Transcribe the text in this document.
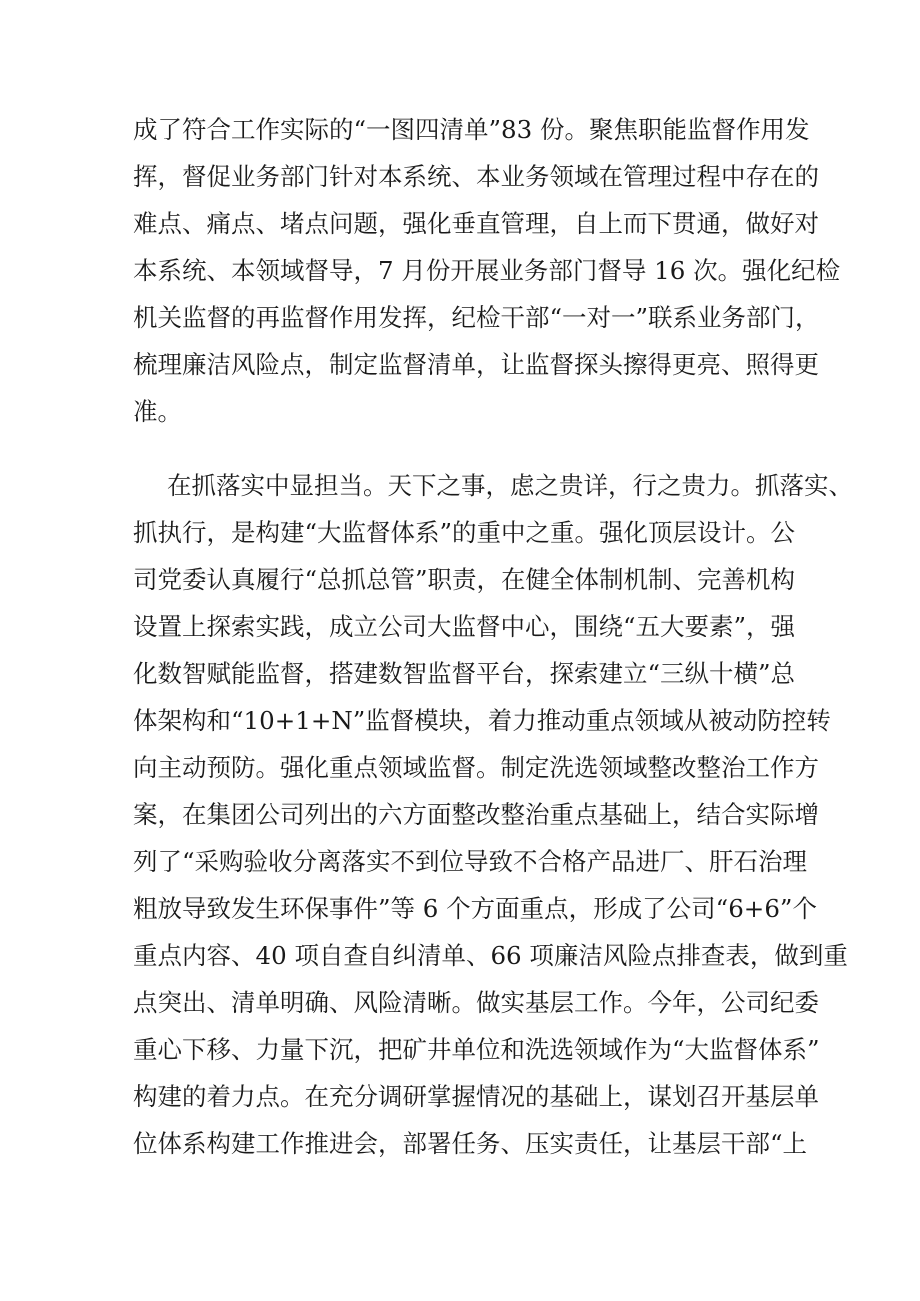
成了符合工作实际的“一图四清单”83 份。聚焦职能监督作用发
挥，督促业务部门针对本系统、本业务领域在管理过程中存在的
难点、痛点、堵点问题，强化垂直管理，自上而下贯通，做好对
本系统、本领域督导，7 月份开展业务部门督导 16 次。强化纪检
机关监督的再监督作用发挥，纪检干部“一对一”联系业务部门，
梳理廉洁风险点，制定监督清单，让监督探头擦得更亮、照得更
准。
在抓落实中显担当。天下之事，虑之贵详，行之贵力。抓落实、
抓执行，是构建“大监督体系”的重中之重。强化顶层设计。公
司党委认真履行“总抓总管”职责，在健全体制机制、完善机构
设置上探索实践，成立公司大监督中心，围绕“五大要素”，强
化数智赋能监督，搭建数智监督平台，探索建立“三纵十横”总
体架构和“10+1+N”监督模块，着力推动重点领域从被动防控转
向主动预防。强化重点领域监督。制定洗选领域整改整治工作方
案，在集团公司列出的六方面整改整治重点基础上，结合实际增
列了“采购验收分离落实不到位导致不合格产品进厂、肝石治理
粗放导致发生环保事件”等 6 个方面重点，形成了公司“6+6”个
重点内容、40 项自查自纠清单、66 项廉洁风险点排查表，做到重
点突出、清单明确、风险清晰。做实基层工作。今年，公司纪委
重心下移、力量下沉，把矿井单位和洗选领域作为“大监督体系”
构建的着力点。在充分调研掌握情况的基础上，谋划召开基层单
位体系构建工作推进会，部署任务、压实责任，让基层干部“上
